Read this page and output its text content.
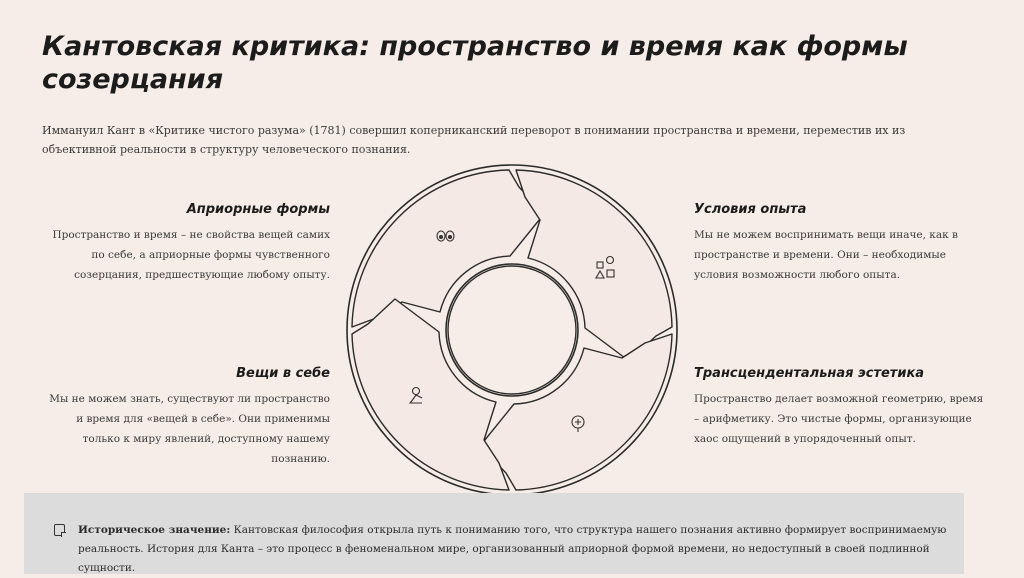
Кантовская критика: пространство и время как формы созерцания

Иммануил Кант в «Критике чистого разума» (1781) совершил коперниканский переворот в понимании пространства и времени, переместив их из объективной реальности в структуру человеческого познания.

Априорные формы

Пространство и время – не свойства вещей самих по себе, а априорные формы чувственного созерцания, предшествующие любому опыту.

Вещи в себе

Мы не можем знать, существуют ли пространство и время для «вещей в себе». Они применимы только к миру явлений, доступному нашему познанию.

Условия опыта

Мы не можем воспринимать вещи иначе, как в пространстве и времени. Они – необходимые условия возможности любого опыта.

Трансцендентальная эстетика

Пространство делает возможной геометрию, время – арифметику. Это чистые формы, организующие хаос ощущений в упорядоченный опыт.

Историческое значение: Кантовская философия открыла путь к пониманию того, что структура нашего познания активно формирует воспринимаемую реальность. История для Канта – это процесс в феноменальном мире, организованный априорной формой времени, но недоступный в своей подлинной сущности.
